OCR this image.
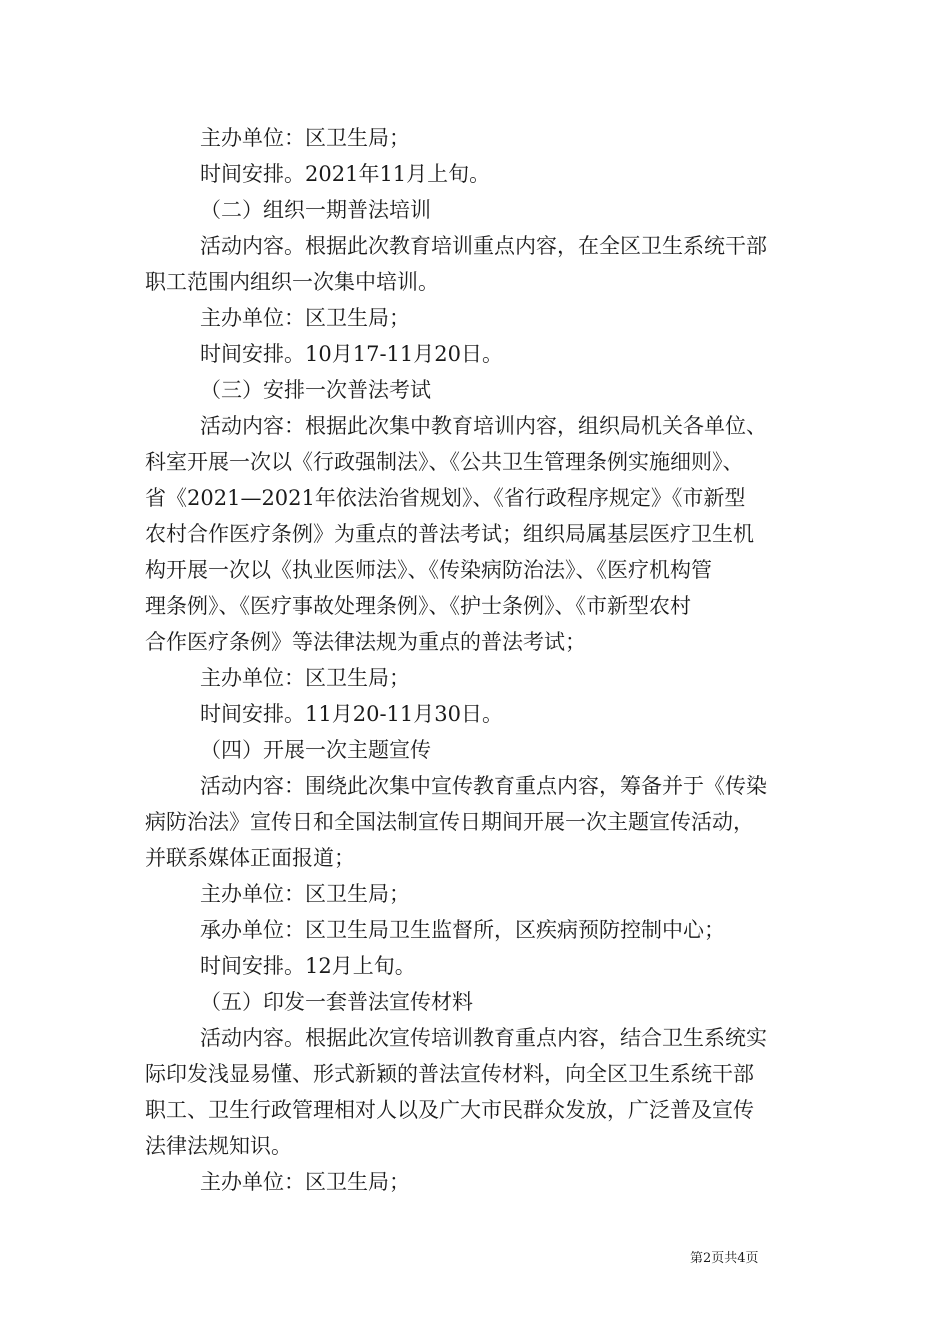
主办单位：区卫生局；
时间安排。2021年11月上旬。
（二）组织一期普法培训
活动内容。根据此次教育培训重点内容，在全区卫生系统干部
职工范围内组织一次集中培训。
主办单位：区卫生局；
时间安排。10月17-11月20日。
（三）安排一次普法考试
活动内容：根据此次集中教育培训内容，组织局机关各单位、
科室开展一次以《行政强制法》、《公共卫生管理条例实施细则》、
省《2021—2021年依法治省规划》、《省行政程序规定》《市新型
农村合作医疗条例》为重点的普法考试；组织局属基层医疗卫生机
构开展一次以《执业医师法》、《传染病防治法》、《医疗机构管
理条例》、《医疗事故处理条例》、《护士条例》、《市新型农村
合作医疗条例》等法律法规为重点的普法考试；
主办单位：区卫生局；
时间安排。11月20-11月30日。
（四）开展一次主题宣传
活动内容：围绕此次集中宣传教育重点内容，筹备并于《传染
病防治法》宣传日和全国法制宣传日期间开展一次主题宣传活动，
并联系媒体正面报道；
主办单位：区卫生局；
承办单位：区卫生局卫生监督所，区疾病预防控制中心；
时间安排。12月上旬。
（五）印发一套普法宣传材料
活动内容。根据此次宣传培训教育重点内容，结合卫生系统实
际印发浅显易懂、形式新颖的普法宣传材料，向全区卫生系统干部
职工、卫生行政管理相对人以及广大市民群众发放，广泛普及宣传
法律法规知识。
主办单位：区卫生局；
第2页共4页
